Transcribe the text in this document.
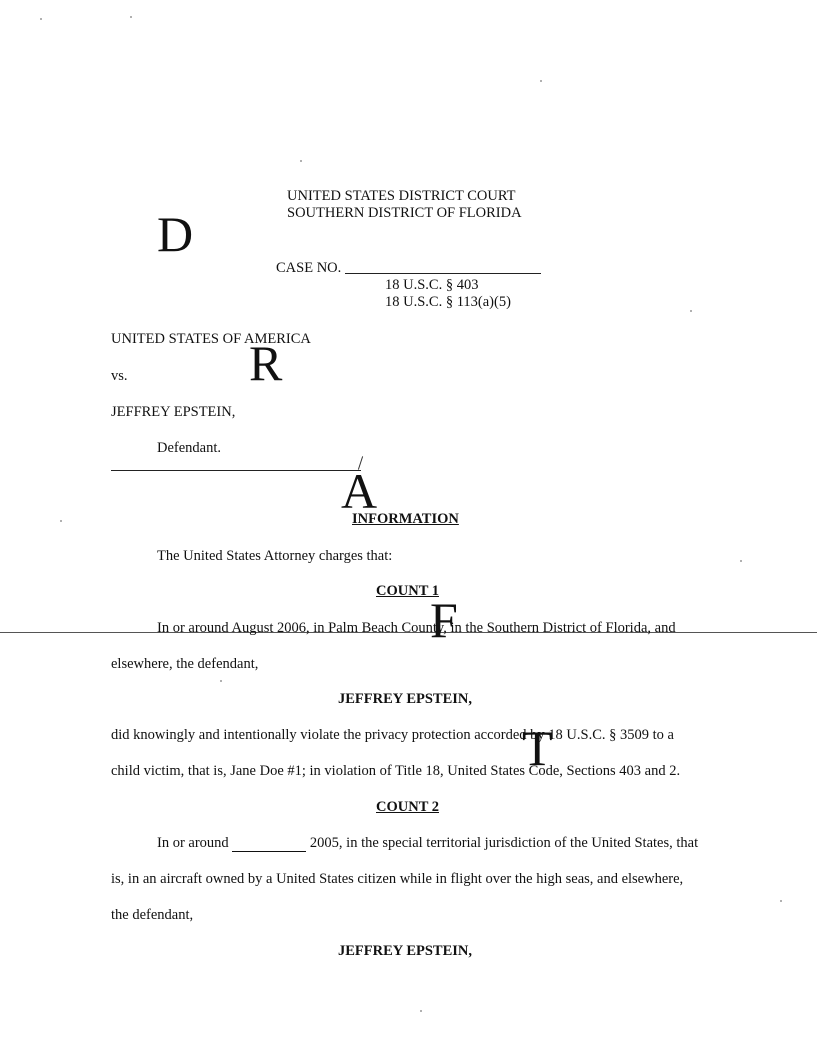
UNITED STATES DISTRICT COURT
SOUTHERN DISTRICT OF FLORIDA
CASE NO.
18 U.S.C. § 403
18 U.S.C. § 113(a)(5)
UNITED STATES OF AMERICA
vs.
JEFFREY EPSTEIN,
Defendant.
D
R
A
F
T
INFORMATION
The United States Attorney charges that:
COUNT 1
In or around August 2006, in Palm Beach County, in the Southern District of Florida, and
elsewhere, the defendant,
JEFFREY EPSTEIN,
did knowingly and intentionally violate the privacy protection accorded by 18 U.S.C. § 3509 to a
child victim, that is, Jane Doe #1; in violation of Title 18, United States Code, Sections 403 and 2.
COUNT 2
In or around	2005, in the special territorial jurisdiction of the United States, that
is, in an aircraft owned by a United States citizen while in flight over the high seas, and elsewhere,
the defendant,
JEFFREY EPSTEIN,
